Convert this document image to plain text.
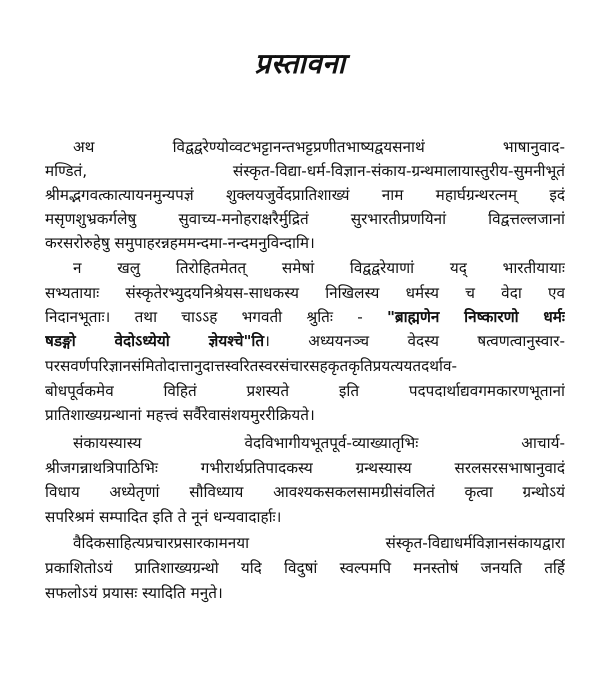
प्रस्तावना
अथ विद्वद्वरेण्योव्वटभट्टानन्तभट्टप्रणीतभाष्यद्वयसनाथं भाषानुवाद-
मण्डितं, संस्कृत-विद्या-धर्म-विज्ञान-संकाय-ग्रन्थमालायास्तुरीय-सुमनीभूतं
श्रीमद्भगवत्कात्यायनमुन्यपज्ञं शुक्लयजुर्वेदप्रातिशाख्यं नाम महार्घग्रन्थरत्नम् इदं
मसृणशुभ्रकर्गलेषु सुवाच्य-मनोहराक्षरैर्मुद्रितं सुरभारतीप्रणयिनां विद्वत्तल्लजानां
करसरोरुहेषु समुपाहरन्नहममन्दमा-नन्दमनुविन्दामि।
न खलु तिरोहितमेतत् समेषां विद्वद्वरेयाणां यद् भारतीयायाः
सभ्यतायाः संस्कृतेरभ्युदयनिश्रेयस-साधकस्य निखिलस्य धर्मस्य च वेदा एव
निदानभूताः। तथा चाऽऽह भगवती श्रुतिः - "ब्राह्मणेन निष्कारणो धर्मः
षडङ्गो वेदोऽध्येयो ज्ञेयश्चे"ति। अध्ययनञ्च वेदस्य षत्वणत्वानुस्वार-
परसवर्णपरिज्ञानसंमितोदात्तानुदात्तस्वरितस्वरसंचारसहकृतकृतिप्रयत्ययतदर्थाव-
बोधपूर्वकमेव विहितं प्रशस्यते इति पदपदार्थाद्यवगमकारणभूतानां
प्रातिशाख्यग्रन्थानां महत्त्वं सर्वैरेवासंशयमुररीक्रियते।
संकायस्यास्य वेदविभागीयभूतपूर्व-व्याख्यातृभिः आचार्य-
श्रीजगन्नाथत्रिपाठिभिः गभीरार्थप्रतिपादकस्य ग्रन्थस्यास्य सरलसरसभाषानुवादं
विधाय अध्येतृणां सौविध्याय आवश्यकसकलसामग्रीसंवलितं कृत्वा ग्रन्थोऽयं
सपरिश्रमं सम्पादित इति ते नूनं धन्यवादार्हाः।
वैदिकसाहित्यप्रचारप्रसारकामनया संस्कृत-विद्याधर्मविज्ञानसंकायद्वारा
प्रकाशितोऽयं प्रातिशाख्यग्रन्थो यदि विदुषां स्वल्पमपि मनस्तोषं जनयति तर्हि
सफलोऽयं प्रयासः स्यादिति मनुते।
